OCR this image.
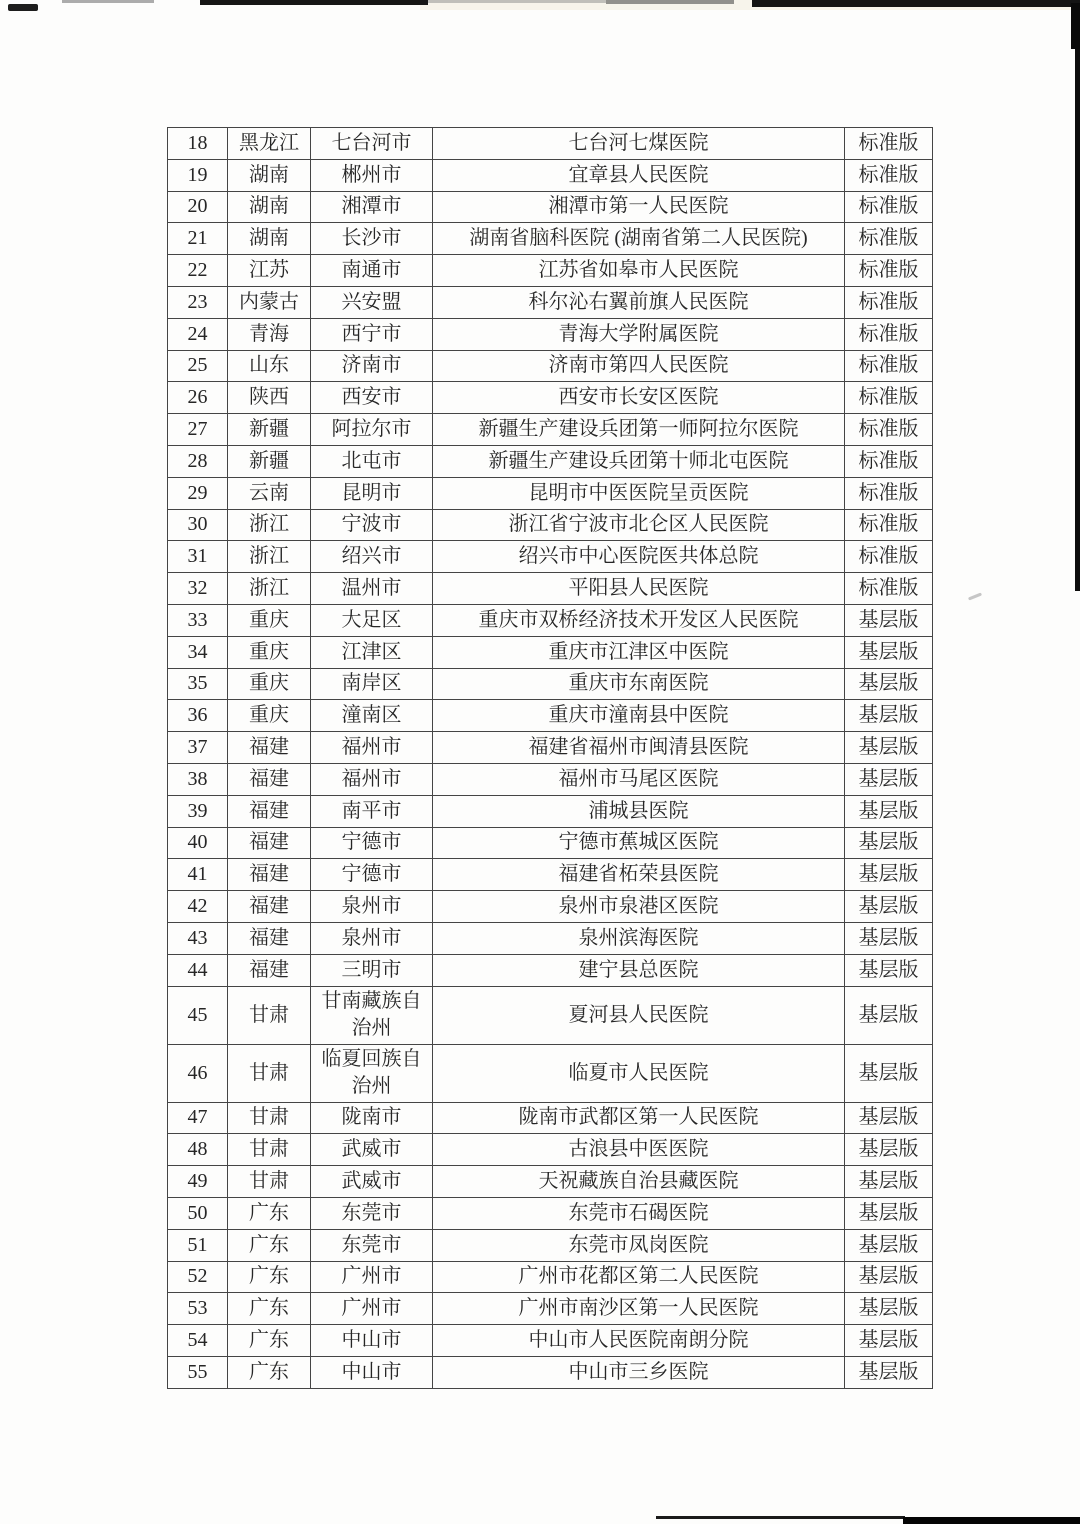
18	黑龙江	七台河市	七台河七煤医院	标准版
19	湖南	郴州市	宜章县人民医院	标准版
20	湖南	湘潭市	湘潭市第一人民医院	标准版
21	湖南	长沙市	湖南省脑科医院 (湖南省第二人民医院)	标准版
22	江苏	南通市	江苏省如皋市人民医院	标准版
23	内蒙古	兴安盟	科尔沁右翼前旗人民医院	标准版
24	青海	西宁市	青海大学附属医院	标准版
25	山东	济南市	济南市第四人民医院	标准版
26	陕西	西安市	西安市长安区医院	标准版
27	新疆	阿拉尔市	新疆生产建设兵团第一师阿拉尔医院	标准版
28	新疆	北屯市	新疆生产建设兵团第十师北屯医院	标准版
29	云南	昆明市	昆明市中医医院呈贡医院	标准版
30	浙江	宁波市	浙江省宁波市北仑区人民医院	标准版
31	浙江	绍兴市	绍兴市中心医院医共体总院	标准版
32	浙江	温州市	平阳县人民医院	标准版
33	重庆	大足区	重庆市双桥经济技术开发区人民医院	基层版
34	重庆	江津区	重庆市江津区中医院	基层版
35	重庆	南岸区	重庆市东南医院	基层版
36	重庆	潼南区	重庆市潼南县中医院	基层版
37	福建	福州市	福建省福州市闽清县医院	基层版
38	福建	福州市	福州市马尾区医院	基层版
39	福建	南平市	浦城县医院	基层版
40	福建	宁德市	宁德市蕉城区医院	基层版
41	福建	宁德市	福建省柘荣县医院	基层版
42	福建	泉州市	泉州市泉港区医院	基层版
43	福建	泉州市	泉州滨海医院	基层版
44	福建	三明市	建宁县总医院	基层版
45	甘肃	甘南藏族自治州	夏河县人民医院	基层版
46	甘肃	临夏回族自治州	临夏市人民医院	基层版
47	甘肃	陇南市	陇南市武都区第一人民医院	基层版
48	甘肃	武威市	古浪县中医医院	基层版
49	甘肃	武威市	天祝藏族自治县藏医院	基层版
50	广东	东莞市	东莞市石碣医院	基层版
51	广东	东莞市	东莞市凤岗医院	基层版
52	广东	广州市	广州市花都区第二人民医院	基层版
53	广东	广州市	广州市南沙区第一人民医院	基层版
54	广东	中山市	中山市人民医院南朗分院	基层版
55	广东	中山市	中山市三乡医院	基层版
